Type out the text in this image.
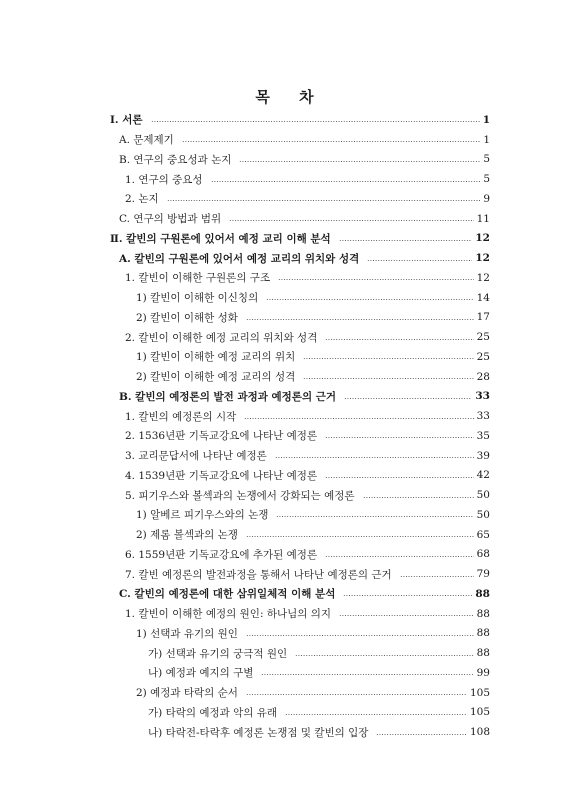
목 차
Ⅰ. 서론	1
A. 문제제기	1
B. 연구의 중요성과 논지	5
1. 연구의 중요성	5
2. 논지	9
C. 연구의 방법과 범위	11
Ⅱ. 칼빈의 구원론에 있어서 예정 교리 이해 분석	12
A. 칼빈의 구원론에 있어서 예정 교리의 위치와 성격	12
1. 칼빈이 이해한 구원론의 구조	12
1) 칼빈이 이해한 이신칭의	14
2) 칼빈이 이해한 성화	17
2. 칼빈이 이해한 예정 교리의 위치와 성격	25
1) 칼빈이 이해한 예정 교리의 위치	25
2) 칼빈이 이해한 예정 교리의 성격	28
B. 칼빈의 예정론의 발전 과정과 예정론의 근거	33
1. 칼빈의 예정론의 시작	33
2. 1536년판 기독교강요에 나타난 예정론	35
3. 교리문답서에 나타난 예정론	39
4. 1539년판 기독교강요에 나타난 예정론	42
5. 피기우스와 볼섹과의 논쟁에서 강화되는 예정론	50
1) 알베르 피기우스와의 논쟁	50
2) 제롬 볼섹과의 논쟁	65
6. 1559년판 기독교강요에 추가된 예정론	68
7. 칼빈 예정론의 발전과정을 통해서 나타난 예정론의 근거	79
C. 칼빈의 예정론에 대한 삼위일체적 이해 분석	88
1. 칼빈이 이해한 예정의 원인: 하나님의 의지	88
1) 선택과 유기의 원인	88
가) 선택과 유기의 궁극적 원인	88
나) 예정과 예지의 구별	99
2) 예정과 타락의 순서	105
가) 타락의 예정과 악의 유래	105
나) 타락전-타락후 예정론 논쟁점 및 칼빈의 입장	108
